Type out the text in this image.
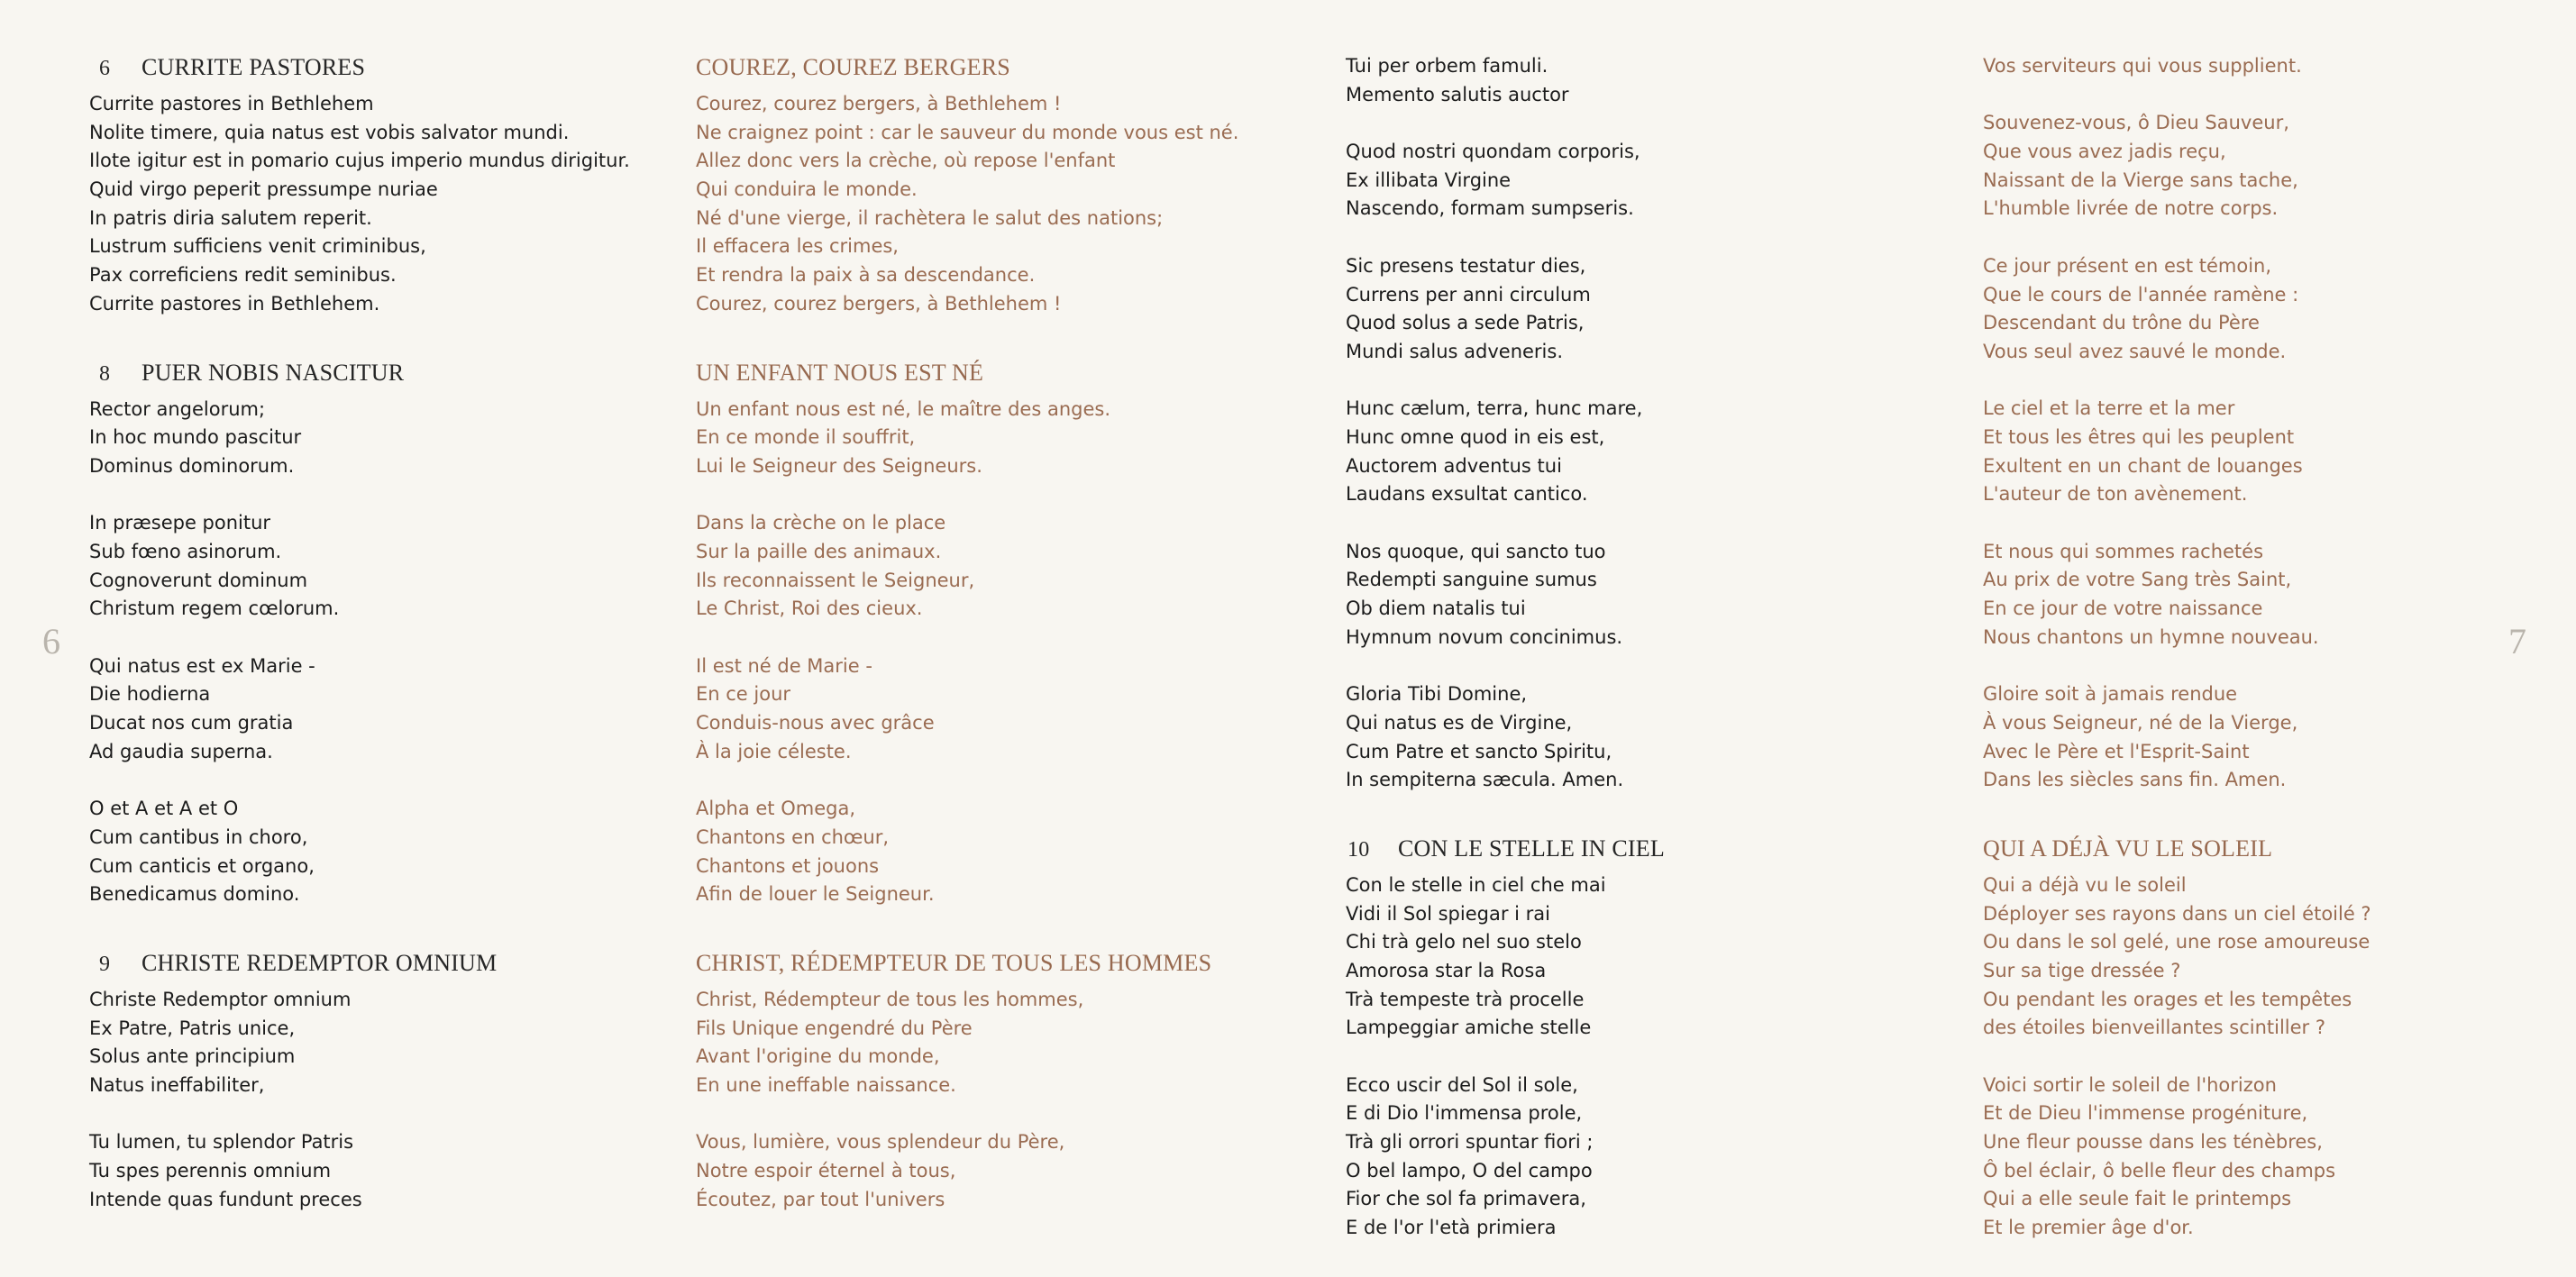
6	7
6	CURRITE PASTORES
Currite pastores in Bethlehem
Nolite timere, quia natus est vobis salvator mundi.
Ilote igitur est in pomario cujus imperio mundus dirigitur.
Quid virgo peperit pressumpe nuriae
In patris diria salutem reperit.
Lustrum sufficiens venit criminibus,
Pax correficiens redit seminibus.
Currite pastores in Bethlehem.
8	PUER NOBIS NASCITUR
Rector angelorum;
In hoc mundo pascitur
Dominus dominorum.
In præsepe ponitur
Sub fœno asinorum.
Cognoverunt dominum
Christum regem cœlorum.
Qui natus est ex Marie -
Die hodierna
Ducat nos cum gratia
Ad gaudia superna.
O et A et A et O
Cum cantibus in choro,
Cum canticis et organo,
Benedicamus domino.
9	CHRISTE REDEMPTOR OMNIUM
Christe Redemptor omnium
Ex Patre, Patris unice,
Solus ante principium
Natus ineffabiliter,
Tu lumen, tu splendor Patris
Tu spes perennis omnium
Intende quas fundunt preces
COUREZ, COUREZ BERGERS
Courez, courez bergers, à Bethlehem !
Ne craignez point : car le sauveur du monde vous est né.
Allez donc vers la crèche, où repose l'enfant
Qui conduira le monde.
Né d'une vierge, il rachètera le salut des nations;
Il effacera les crimes,
Et rendra la paix à sa descendance.
Courez, courez bergers, à Bethlehem !
UN ENFANT NOUS EST NÉ
Un enfant nous est né, le maître des anges.
En ce monde il souffrit,
Lui le Seigneur des Seigneurs.
Dans la crèche on le place
Sur la paille des animaux.
Ils reconnaissent le Seigneur,
Le Christ, Roi des cieux.
Il est né de Marie -
En ce jour
Conduis-nous avec grâce
À la joie céleste.
Alpha et Omega,
Chantons en chœur,
Chantons et jouons
Afin de louer le Seigneur.
CHRIST, RÉDEMPTEUR DE TOUS LES HOMMES
Christ, Rédempteur de tous les hommes,
Fils Unique engendré du Père
Avant l'origine du monde,
En une ineffable naissance.
Vous, lumière, vous splendeur du Père,
Notre espoir éternel à tous,
Écoutez, par tout l'univers
Tui per orbem famuli.
Memento salutis auctor
Quod nostri quondam corporis,
Ex illibata Virgine
Nascendo, formam sumpseris.
Sic presens testatur dies,
Currens per anni circulum
Quod solus a sede Patris,
Mundi salus adveneris.
Hunc cælum, terra, hunc mare,
Hunc omne quod in eis est,
Auctorem adventus tui
Laudans exsultat cantico.
Nos quoque, qui sancto tuo
Redempti sanguine sumus
Ob diem natalis tui
Hymnum novum concinimus.
Gloria Tibi Domine,
Qui natus es de Virgine,
Cum Patre et sancto Spiritu,
In sempiterna sæcula. Amen.
10	CON LE STELLE IN CIEL
Con le stelle in ciel che mai
Vidi il Sol spiegar i rai
Chi trà gelo nel suo stelo
Amorosa star la Rosa
Trà tempeste trà procelle
Lampeggiar amiche stelle
Ecco uscir del Sol il sole,
E di Dio l'immensa prole,
Trà gli orrori spuntar fiori ;
O bel lampo, O del campo
Fior che sol fa primavera,
E de l'or l'età primiera
Vos serviteurs qui vous supplient.
Souvenez-vous, ô Dieu Sauveur,
Que vous avez jadis reçu,
Naissant de la Vierge sans tache,
L'humble livrée de notre corps.
Ce jour présent en est témoin,
Que le cours de l'année ramène :
Descendant du trône du Père
Vous seul avez sauvé le monde.
Le ciel et la terre et la mer
Et tous les êtres qui les peuplent
Exultent en un chant de louanges
L'auteur de ton avènement.
Et nous qui sommes rachetés
Au prix de votre Sang très Saint,
En ce jour de votre naissance
Nous chantons un hymne nouveau.
Gloire soit à jamais rendue
À vous Seigneur, né de la Vierge,
Avec le Père et l'Esprit-Saint
Dans les siècles sans fin. Amen.
QUI A DÉJÀ VU LE SOLEIL
Qui a déjà vu le soleil
Déployer ses rayons dans un ciel étoilé ?
Ou dans le sol gelé, une rose amoureuse
Sur sa tige dressée ?
Ou pendant les orages et les tempêtes
des étoiles bienveillantes scintiller ?
Voici sortir le soleil de l'horizon
Et de Dieu l'immense progéniture,
Une fleur pousse dans les ténèbres,
Ô bel éclair, ô belle fleur des champs
Qui a elle seule fait le printemps
Et le premier âge d'or.
